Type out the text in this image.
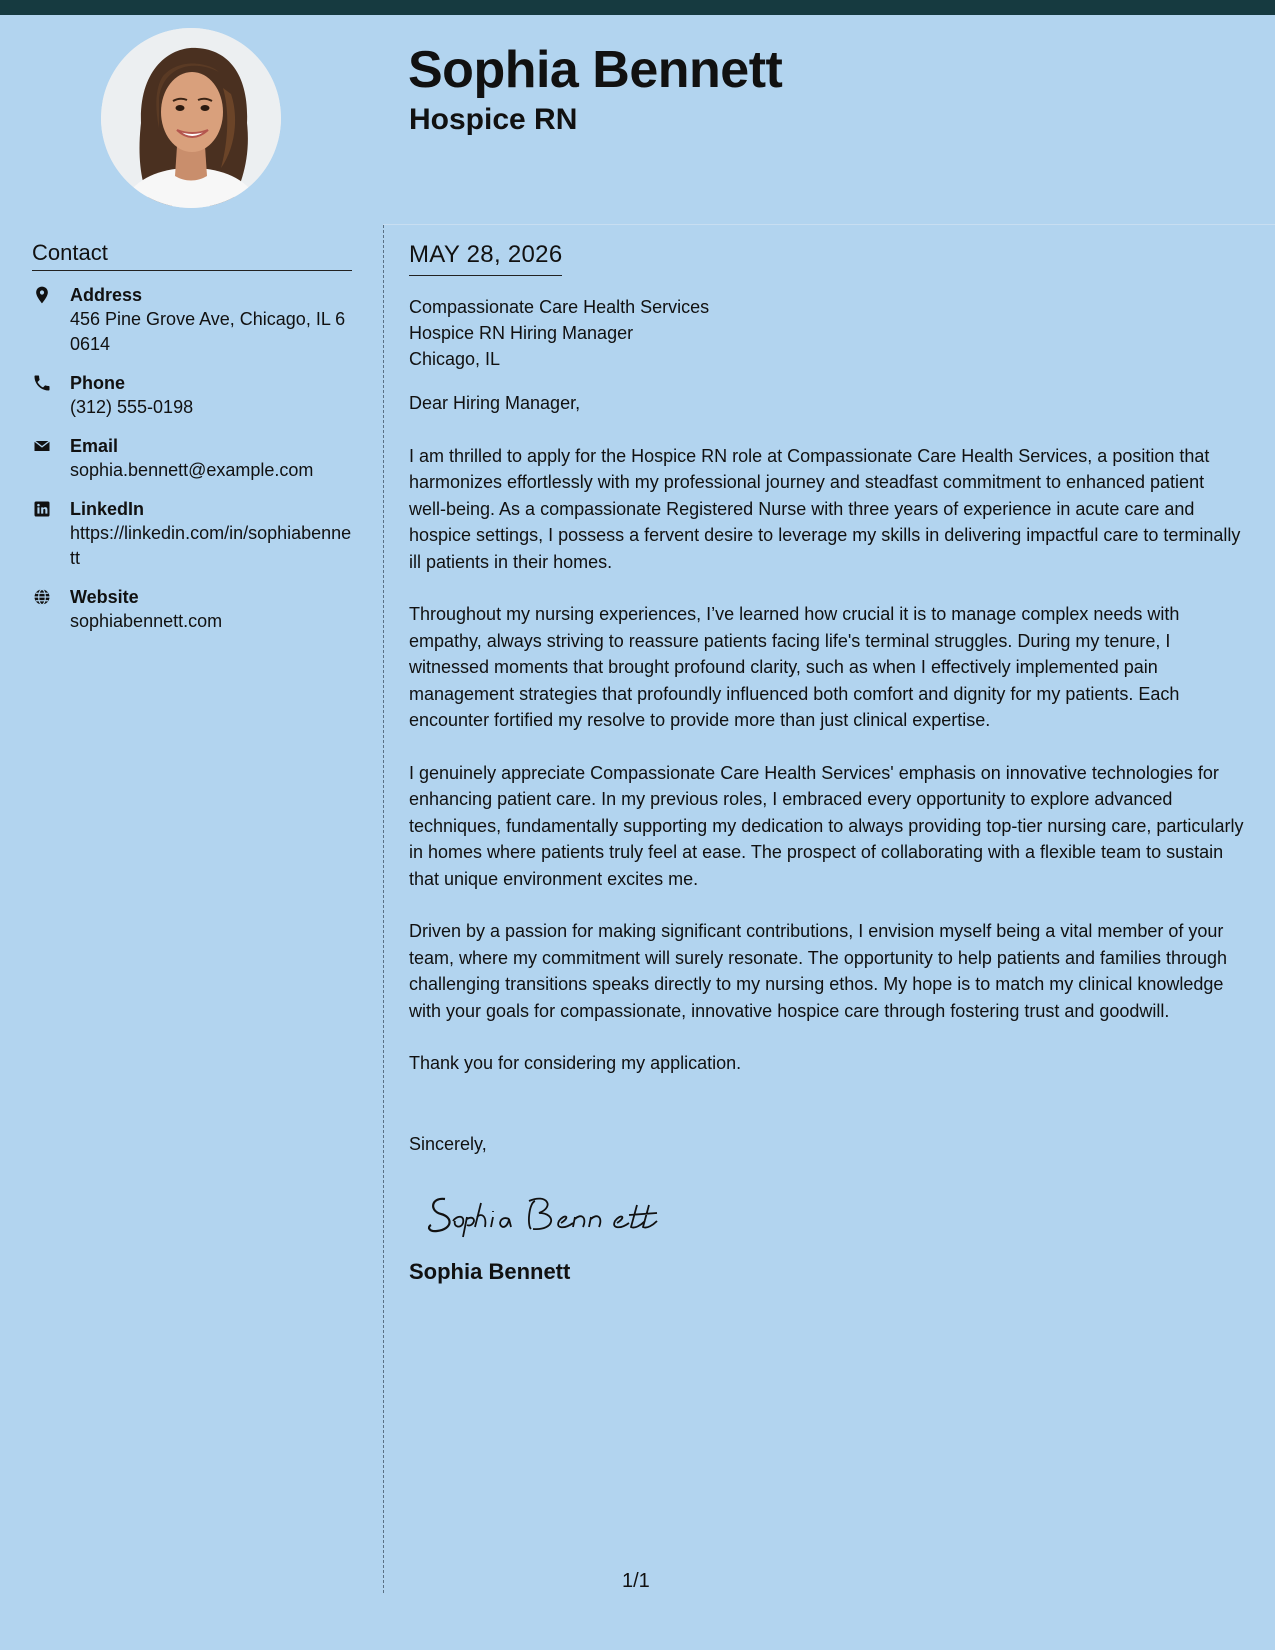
Sophia Bennett
Hospice RN
Contact
Address
456 Pine Grove Ave, Chicago, IL 60614
Phone
(312) 555-0198
Email
sophia.bennett@example.com
LinkedIn
https://linkedin.com/in/sophiabennett
Website
sophiabennett.com
MAY 28, 2026
Compassionate Care Health Services
Hospice RN Hiring Manager
Chicago, IL

Dear Hiring Manager,

I am thrilled to apply for the Hospice RN role at Compassionate Care Health Services, a position that harmonizes effortlessly with my professional journey and steadfast commitment to enhanced patient well-being. As a compassionate Registered Nurse with three years of experience in acute care and hospice settings, I possess a fervent desire to leverage my skills in delivering impactful care to terminally ill patients in their homes.

Throughout my nursing experiences, I’ve learned how crucial it is to manage complex needs with empathy, always striving to reassure patients facing life's terminal struggles. During my tenure, I witnessed moments that brought profound clarity, such as when I effectively implemented pain management strategies that profoundly influenced both comfort and dignity for my patients. Each encounter fortified my resolve to provide more than just clinical expertise.

I genuinely appreciate Compassionate Care Health Services' emphasis on innovative technologies for enhancing patient care. In my previous roles, I embraced every opportunity to explore advanced techniques, fundamentally supporting my dedication to always providing top-tier nursing care, particularly in homes where patients truly feel at ease. The prospect of collaborating with a flexible team to sustain that unique environment excites me.

Driven by a passion for making significant contributions, I envision myself being a vital member of your team, where my commitment will surely resonate. The opportunity to help patients and families through challenging transitions speaks directly to my nursing ethos. My hope is to match my clinical knowledge with your goals for compassionate, innovative hospice care through fostering trust and goodwill.

Thank you for considering my application.

Sincerely,

Sophia Bennett
1/1
